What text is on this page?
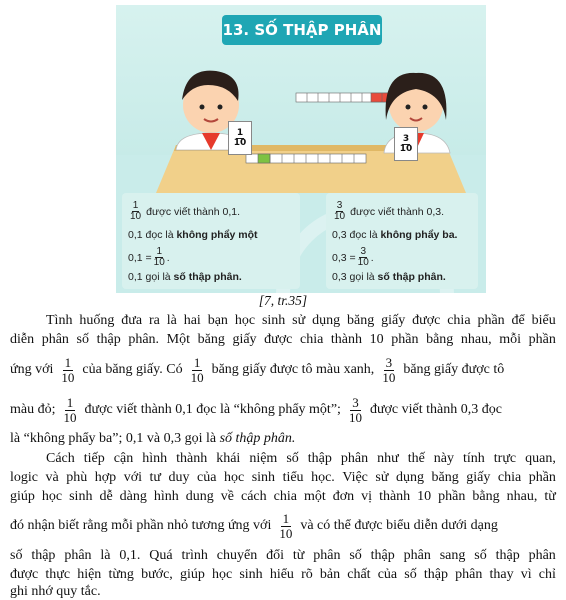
13. SỐ THẬP PHÂN
1
10	3
10
1
10 được viết thành 0,1.
0,1 đọc là không phẩy một
$0,1 = \frac{1}{10}$ .
0,1 gọi là số thập phân.
3
10 được viết thành 0,3.
0,3 đọc là không phẩy ba.
$0,3 = \frac{3}{10}$ .
0,3 gọi là số thập phân.
[7, tr.35]
Tình huống đưa ra là hai bạn học sinh sử dụng băng giấy được chia phần để biểu
diễn phân số thập phân. Một băng giấy được chia thành 10 phần bằng nhau, mỗi phần
ứng với $\frac{1}{10}$ của băng giấy. Có $\frac{1}{10}$ băng giấy được tô màu xanh, $\frac{3}{10}$ băng giấy được tô
màu đỏ; $\frac{1}{10}$ được viết thành 0,1 đọc là “không phẩy một”; $\frac{3}{10}$ được viết thành 0,3 đọc
là “không phẩy ba”; 0,1 và 0,3 gọi là số thập phân.
Cách tiếp cận hình thành khái niệm số thập phân như thế này tính trực quan,
logic và phù hợp với tư duy của học sinh tiểu học. Việc sử dụng băng giấy chia phần
giúp học sinh dễ dàng hình dung về cách chia một đơn vị thành 10 phần bằng nhau, từ
đó nhận biết rằng mỗi phần nhỏ tương ứng với $\frac{1}{10}$ và có thể được biểu diễn dưới dạng
số thập phân là 0,1. Quá trình chuyển đổi từ phân số thập phân sang số thập phân
được thực hiện từng bước, giúp học sinh hiểu rõ bản chất của số thập phân thay vì chỉ
ghi nhớ quy tắc.
